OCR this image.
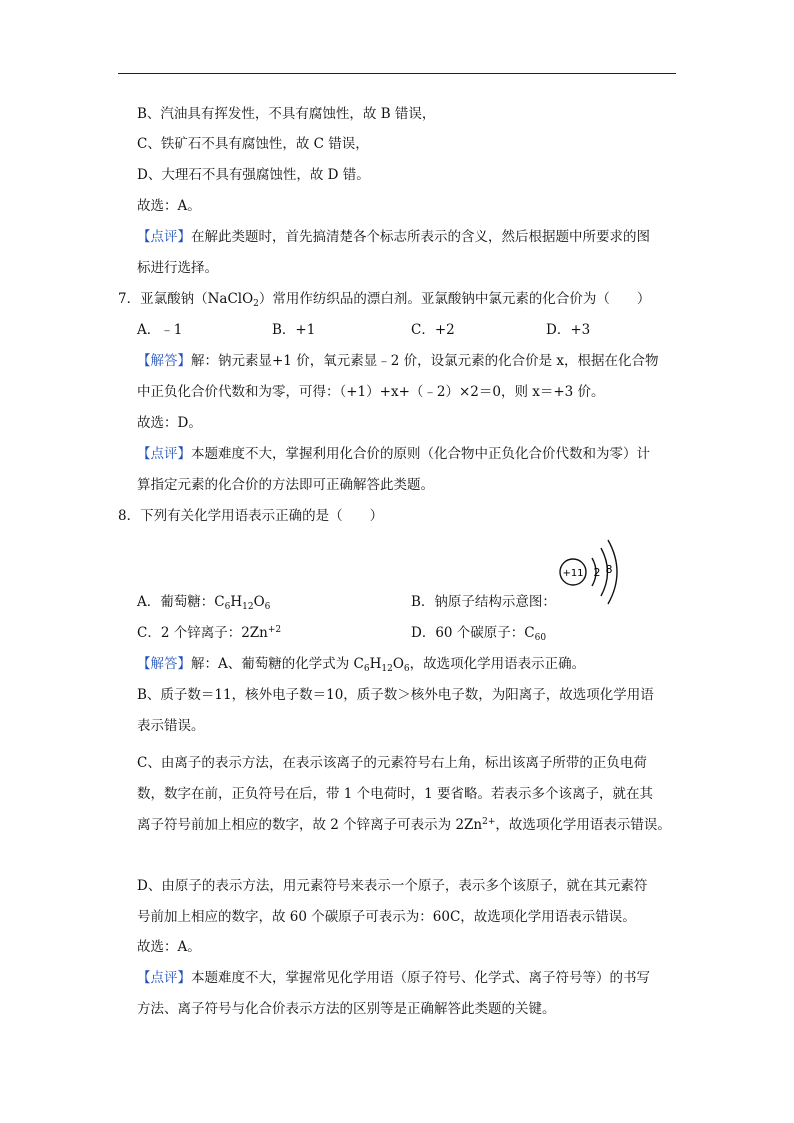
B、汽油具有挥发性，不具有腐蚀性，故 B 错误，
C、铁矿石不具有腐蚀性，故 C 错误，
D、大理石不具有强腐蚀性，故 D 错。
故选：A。
【点评】在解此类题时，首先搞清楚各个标志所表示的含义，然后根据题中所要求的图
标进行选择。
7．亚氯酸钠（NaClO$_2$）常用作纺织品的漂白剂。亚氯酸钠中氯元素的化合价为（　　）
A．﹣1	B．+1	C．+2	D．+3
【解答】解：钠元素显+1 价，氧元素显﹣2 价，设氯元素的化合价是 x，根据在化合物
中正负化合价代数和为零，可得：（+1）+x+（﹣2）×2＝0，则 x＝+3 价。
故选：D。
【点评】本题难度不大，掌握利用化合价的原则（化合物中正负化合价代数和为零）计
算指定元素的化合价的方法即可正确解答此类题。
8．下列有关化学用语表示正确的是（　　）
+11 2 8
A．葡萄糖：$C_6H_{12}O_6$	B．钠原子结构示意图：
C．2 个锌离子：$2Zn^{+2}$	D．60 个碳原子：$C_{60}$
【解答】解：A、葡萄糖的化学式为 $C_6H_{12}O_6$，故选项化学用语表示正确。
B、质子数＝11，核外电子数＝10，质子数＞核外电子数，为阳离子，故选项化学用语
表示错误。
C、由离子的表示方法，在表示该离子的元素符号右上角，标出该离子所带的正负电荷
数，数字在前，正负符号在后，带 1 个电荷时，1 要省略。若表示多个该离子，就在其
离子符号前加上相应的数字，故 2 个锌离子可表示为 $2Zn^{2+}$，故选项化学用语表示错误。
D、由原子的表示方法，用元素符号来表示一个原子，表示多个该原子，就在其元素符
号前加上相应的数字，故 60 个碳原子可表示为：60C，故选项化学用语表示错误。
故选：A。
【点评】本题难度不大，掌握常见化学用语（原子符号、化学式、离子符号等）的书写
方法、离子符号与化合价表示方法的区别等是正确解答此类题的关键。
